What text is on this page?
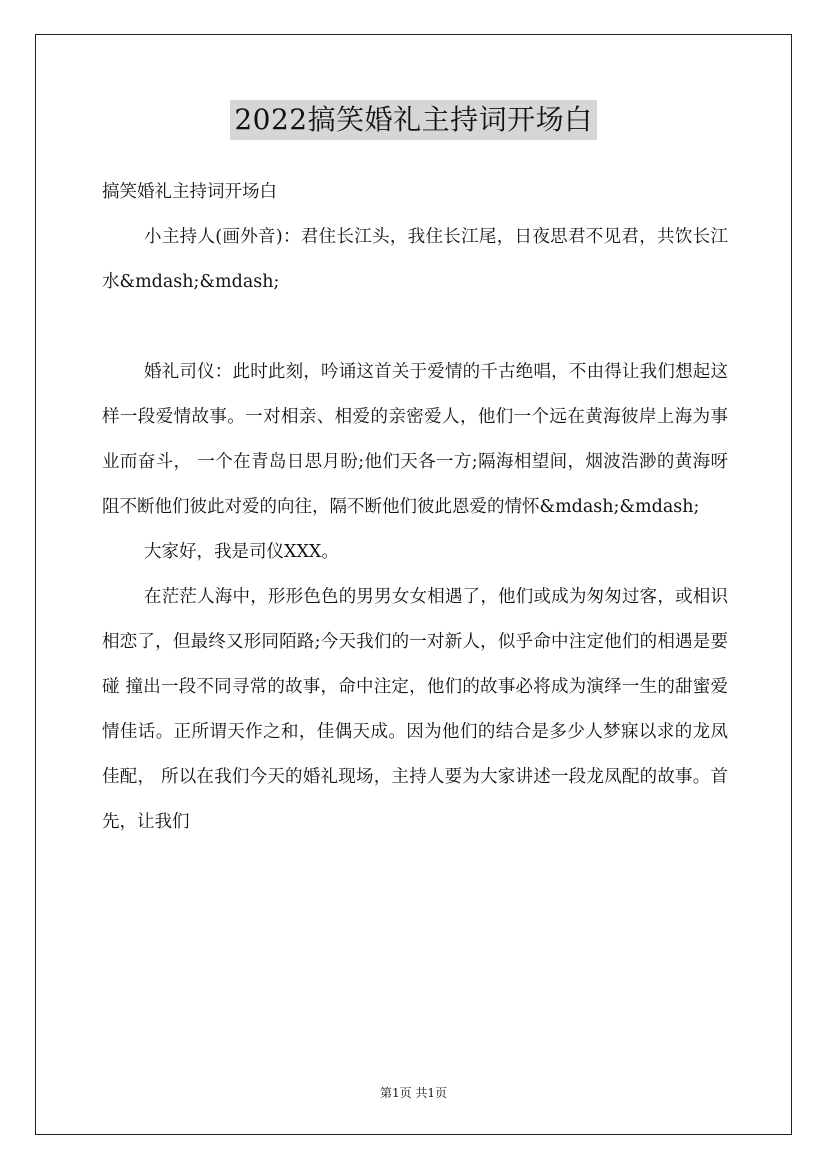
2022搞笑婚礼主持词开场白

搞笑婚礼主持词开场白

小主持人(画外音)：君住长江头，我住长江尾，日夜思君不见君，共饮长江水&mdash;&mdash;

婚礼司仪：此时此刻，吟诵这首关于爱情的千古绝唱，不由得让我们想起这样一段爱情故事。一对相亲、相爱的亲密爱人，他们一个远在黄海彼岸上海为事业而奋斗， 一个在青岛日思月盼;他们天各一方;隔海相望间，烟波浩渺的黄海呀阻不断他们彼此对爱的向往，隔不断他们彼此恩爱的情怀&mdash;&mdash;

大家好，我是司仪XXX。

在茫茫人海中，形形色色的男男女女相遇了，他们或成为匆匆过客，或相识相恋了，但最终又形同陌路;今天我们的一对新人，似乎命中注定他们的相遇是要碰 撞出一段不同寻常的故事，命中注定，他们的故事必将成为演绎一生的甜蜜爱情佳话。正所谓天作之和，佳偶天成。因为他们的结合是多少人梦寐以求的龙凤佳配， 所以在我们今天的婚礼现场，主持人要为大家讲述一段龙凤配的故事。首先，让我们

第1页 共1页
